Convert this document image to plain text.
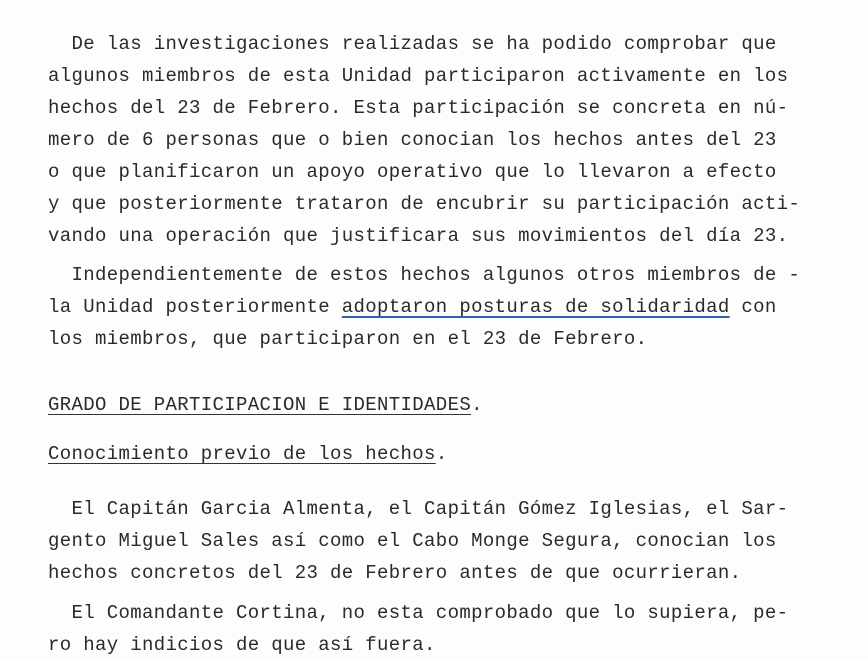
De las investigaciones realizadas se ha podido comprobar que
algunos miembros de esta Unidad participaron activamente en los
hechos del 23 de Febrero. Esta participación se concreta en nú-
mero de 6 personas que o bien conocian los hechos antes del 23
o que planificaron un apoyo operativo que lo llevaron a efecto
y que posteriormente trataron de encubrir su participación acti-
vando una operación que justificara sus movimientos del día 23.
Independientemente de estos hechos algunos otros miembros de -
la Unidad posteriormente adoptaron posturas de solidaridad con
los miembros, que participaron en el 23 de Febrero.
GRADO DE PARTICIPACION E IDENTIDADES.
Conocimiento previo de los hechos.
El Capitán Garcia Almenta, el Capitán Gómez Iglesias, el Sar-
gento Miguel Sales así como el Cabo Monge Segura, conocian los
hechos concretos del 23 de Febrero antes de que ocurrieran.
El Comandante Cortina, no esta comprobado que lo supiera, pe-
ro hay indicios de que así fuera.
